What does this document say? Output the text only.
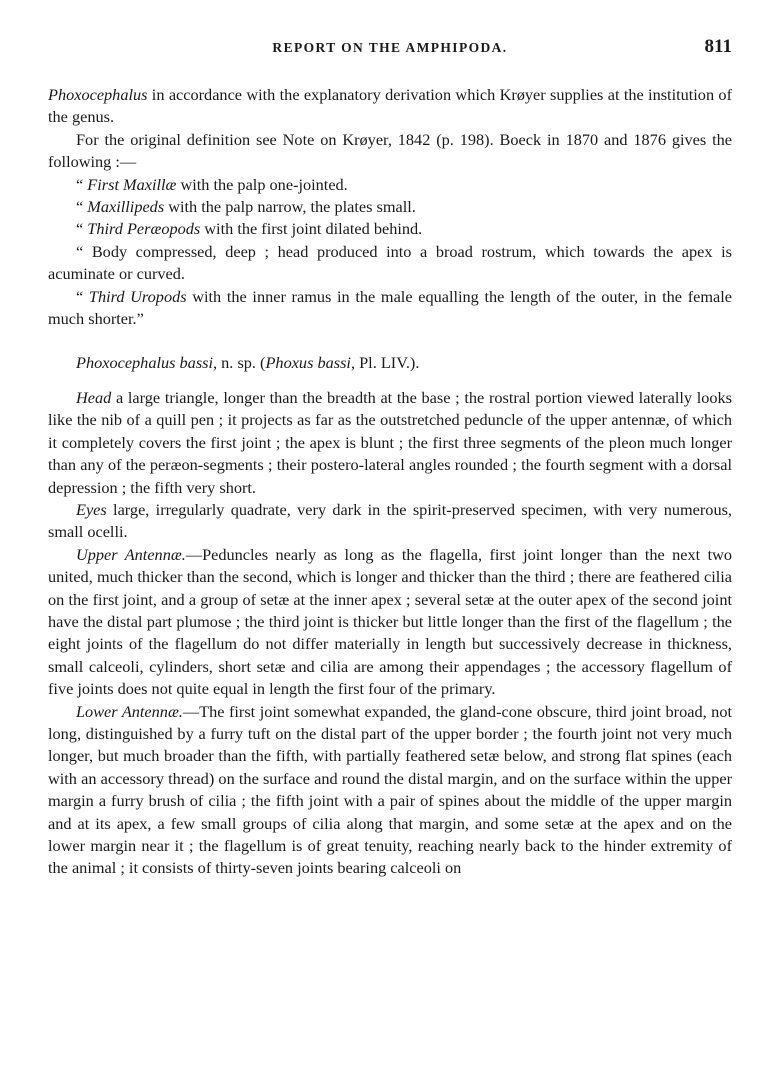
REPORT ON THE AMPHIPODA.	811

Phoxocephalus in accordance with the explanatory derivation which Krøyer supplies at the institution of the genus.

For the original definition see Note on Krøyer, 1842 (p. 198). Boeck in 1870 and 1876 gives the following :—

“ First Maxillæ with the palp one-jointed.

“ Maxillipeds with the palp narrow, the plates small.

“ Third Peræopods with the first joint dilated behind.

“ Body compressed, deep ; head produced into a broad rostrum, which towards the apex is acuminate or curved.

“ Third Uropods with the inner ramus in the male equalling the length of the outer, in the female much shorter.”

Phoxocephalus bassi, n. sp. (Phoxus bassi, Pl. LIV.).

Head a large triangle, longer than the breadth at the base ; the rostral portion viewed laterally looks like the nib of a quill pen ; it projects as far as the outstretched peduncle of the upper antennæ, of which it completely covers the first joint ; the apex is blunt ; the first three segments of the pleon much longer than any of the peræon-segments ; their postero-lateral angles rounded ; the fourth segment with a dorsal depression ; the fifth very short.

Eyes large, irregularly quadrate, very dark in the spirit-preserved specimen, with very numerous, small ocelli.

Upper Antennæ.—Peduncles nearly as long as the flagella, first joint longer than the next two united, much thicker than the second, which is longer and thicker than the third ; there are feathered cilia on the first joint, and a group of setæ at the inner apex ; several setæ at the outer apex of the second joint have the distal part plumose ; the third joint is thicker but little longer than the first of the flagellum ; the eight joints of the flagellum do not differ materially in length but successively decrease in thickness, small calceoli, cylinders, short setæ and cilia are among their appendages ; the accessory flagellum of five joints does not quite equal in length the first four of the primary.

Lower Antennæ.—The first joint somewhat expanded, the gland-cone obscure, third joint broad, not long, distinguished by a furry tuft on the distal part of the upper border ; the fourth joint not very much longer, but much broader than the fifth, with partially feathered setæ below, and strong flat spines (each with an accessory thread) on the surface and round the distal margin, and on the surface within the upper margin a furry brush of cilia ; the fifth joint with a pair of spines about the middle of the upper margin and at its apex, a few small groups of cilia along that margin, and some setæ at the apex and on the lower margin near it ; the flagellum is of great tenuity, reaching nearly back to the hinder extremity of the animal ; it consists of thirty-seven joints bearing calceoli on
